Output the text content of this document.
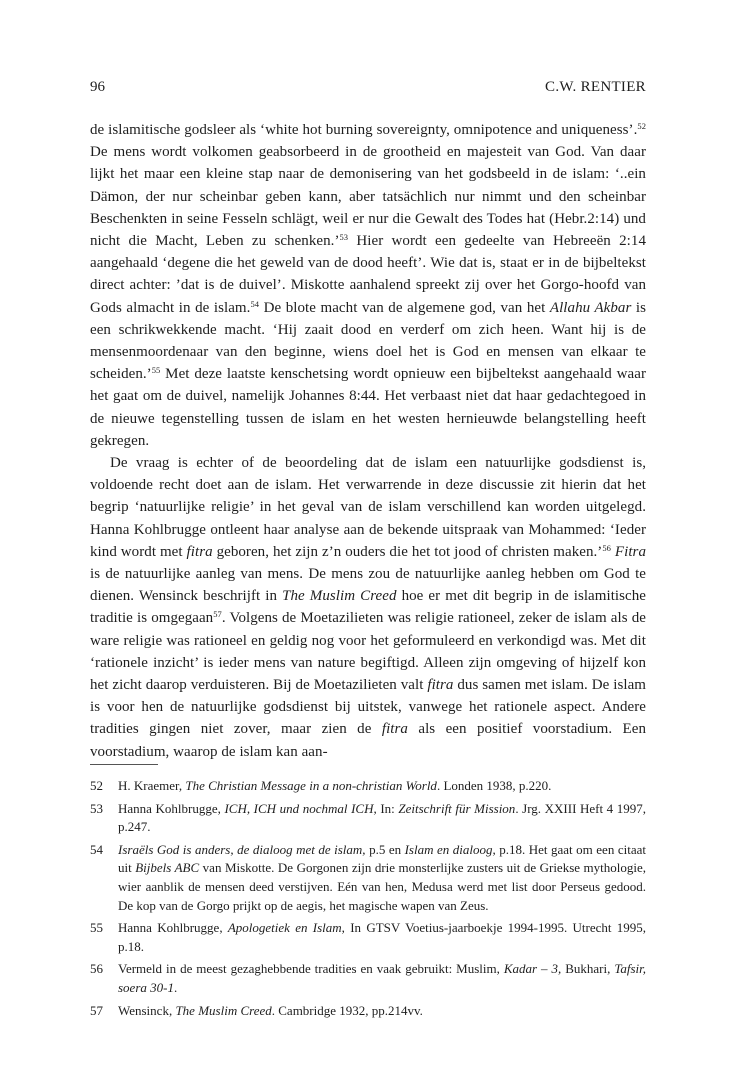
96	C.W. RENTIER

de islamitische godsleer als ‘white hot burning sovereignty, omnipotence and uniqueness’.$^{52}$ De mens wordt volkomen geabsorbeerd in de grootheid en majesteit van God. Van daar lijkt het maar een kleine stap naar de demonisering van het godsbeeld in de islam: ‘..ein Dämon, der nur scheinbar geben kann, aber tatsächlich nur nimmt und den scheinbar Beschenkten in seine Fesseln schlägt, weil er nur die Gewalt des Todes hat (Hebr.2:14) und nicht die Macht, Leben zu schenken.’$^{53}$ Hier wordt een gedeelte van Hebreeën 2:14 aangehaald ‘degene die het geweld van de dood heeft’. Wie dat is, staat er in de bijbeltekst direct achter: ’dat is de duivel’. Miskotte aanhalend spreekt zij over het Gorgo-hoofd van Gods almacht in de islam.$^{54}$ De blote macht van de algemene god, van het Allahu Akbar is een schrikwekkende macht. ‘Hij zaait dood en verderf om zich heen. Want hij is de mensenmoordenaar van den beginne, wiens doel het is God en mensen van elkaar te scheiden.’$^{55}$ Met deze laatste kenschetsing wordt opnieuw een bijbeltekst aangehaald waar het gaat om de duivel, namelijk Johannes 8:44. Het verbaast niet dat haar gedachtegoed in de nieuwe tegenstelling tussen de islam en het westen hernieuwde belangstelling heeft gekregen.

De vraag is echter of de beoordeling dat de islam een natuurlijke godsdienst is, voldoende recht doet aan de islam. Het verwarrende in deze discussie zit hierin dat het begrip ‘natuurlijke religie’ in het geval van de islam verschillend kan worden uitgelegd. Hanna Kohlbrugge ontleent haar analyse aan de bekende uitspraak van Mohammed: ‘Ieder kind wordt met fitra geboren, het zijn z’n ouders die het tot jood of christen maken.’$^{56}$ Fitra is de natuurlijke aanleg van mens. De mens zou de natuurlijke aanleg hebben om God te dienen. Wensinck beschrijft in The Muslim Creed hoe er met dit begrip in de islamitische traditie is omgegaan$^{57}$. Volgens de Moetazilieten was religie rationeel, zeker de islam als de ware religie was rationeel en geldig nog voor het geformuleerd en verkondigd was. Met dit ‘rationele inzicht’ is ieder mens van nature begiftigd. Alleen zijn omgeving of hijzelf kon het zicht daarop verduisteren. Bij de Moetazilieten valt fitra dus samen met islam. De islam is voor hen de natuurlijke godsdienst bij uitstek, vanwege het rationele aspect. Andere tradities gingen niet zover, maar zien de fitra als een positief voorstadium. Een voorstadium, waarop de islam kan aan-

52	H. Kraemer, The Christian Message in a non-christian World. Londen 1938, p.220.
53	Hanna Kohlbrugge, ICH, ICH und nochmal ICH, In: Zeitschrift für Mission. Jrg. XXIII Heft 4 1997, p.247.
54	Israëls God is anders, de dialoog met de islam, p.5 en Islam en dialoog, p.18. Het gaat om een citaat uit Bijbels ABC van Miskotte. De Gorgonen zijn drie monsterlijke zusters uit de Griekse mythologie, wier aanblik de mensen deed verstijven. Eén van hen, Medusa werd met list door Perseus gedood. De kop van de Gorgo prijkt op de aegis, het magische wapen van Zeus.
55	Hanna Kohlbrugge, Apologetiek en Islam, In GTSV Voetius-jaarboekje 1994-1995. Utrecht 1995, p.18.
56	Vermeld in de meest gezaghebbende tradities en vaak gebruikt: Muslim, Kadar – 3, Bukhari, Tafsir, soera 30-1.
57	Wensinck, The Muslim Creed. Cambridge 1932, pp.214vv.
